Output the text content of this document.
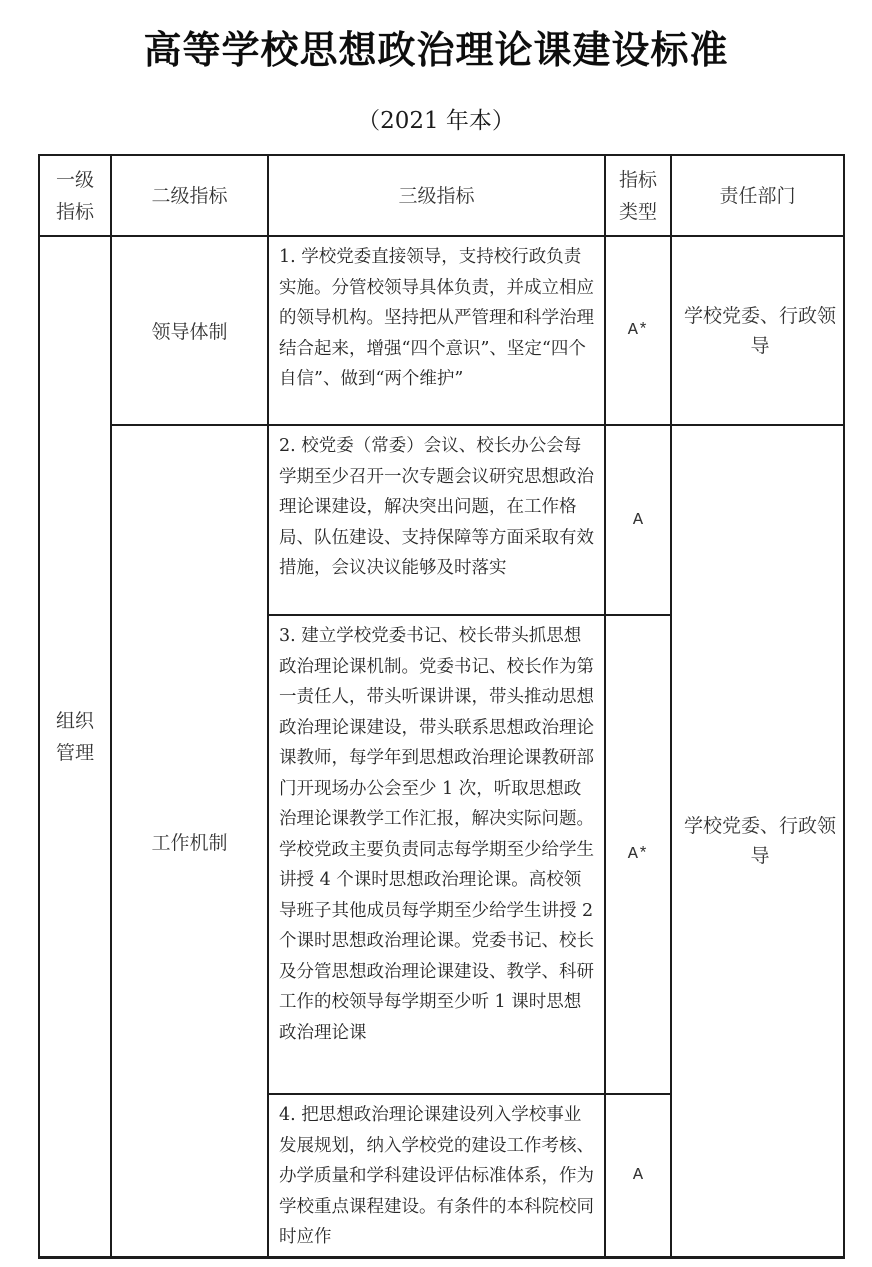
高等学校思想政治理论课建设标准
（2021 年本）
一级指标	二级指标	三级指标	指标类型	责任部门
组织管理	领导体制	1. 学校党委直接领导，支持校行政负责实施。分管校领导具体负责，并成立相应的领导机构。坚持把从严管理和科学治理结合起来，增强“四个意识”、坚定“四个自信”、做到“两个维护”	A*	学校党委、行政领导
	工作机制	2. 校党委（常委）会议、校长办公会每学期至少召开一次专题会议研究思想政治理论课建设，解决突出问题，在工作格局、队伍建设、支持保障等方面采取有效措施，会议决议能够及时落实	A	学校党委、行政领导
		3. 建立学校党委书记、校长带头抓思想政治理论课机制。党委书记、校长作为第一责任人，带头听课讲课，带头推动思想政治理论课建设，带头联系思想政治理论课教师，每学年到思想政治理论课教研部门开现场办公会至少 1 次，听取思想政治理论课教学工作汇报，解决实际问题。学校党政主要负责同志每学期至少给学生讲授 4 个课时思想政治理论课。高校领导班子其他成员每学期至少给学生讲授 2 个课时思想政治理论课。党委书记、校长及分管思想政治理论课建设、教学、科研工作的校领导每学期至少听 1 课时思想政治理论课	A*	
		4. 把思想政治理论课建设列入学校事业发展规划，纳入学校党的建设工作考核、办学质量和学科建设评估标准体系，作为学校重点课程建设。有条件的本科院校同时应作	A	
